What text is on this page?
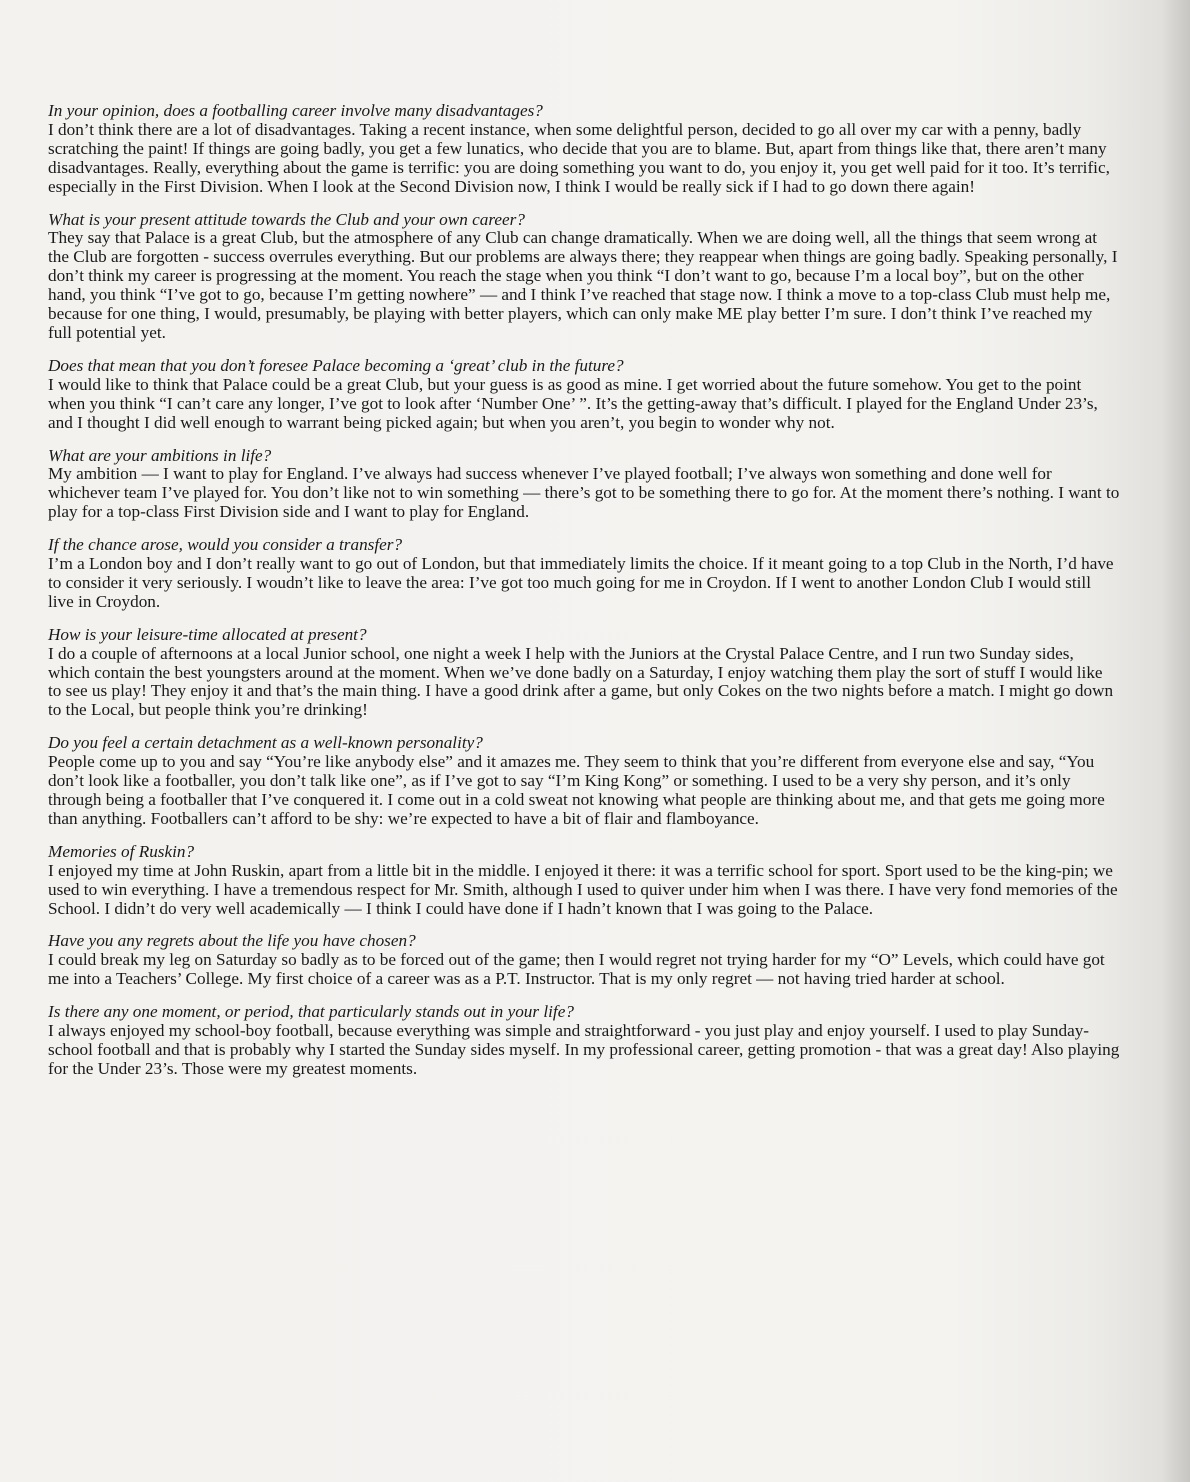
In your opinion, does a footballing career involve many disadvantages?
I don’t think there are a lot of disadvantages. Taking a recent instance, when some delightful person, decided to go all over my car with a penny, badly scratching the paint! If things are going badly, you get a few lunatics, who decide that you are to blame. But, apart from things like that, there aren’t many disadvantages. Really, everything about the game is terrific: you are doing something you want to do, you enjoy it, you get well paid for it too. It’s terrific, especially in the First Division. When I look at the Second Division now, I think I would be really sick if I had to go down there again!
What is your present attitude towards the Club and your own career?
They say that Palace is a great Club, but the atmosphere of any Club can change dramatically. When we are doing well, all the things that seem wrong at the Club are forgotten - success overrules everything. But our problems are always there; they reappear when things are going badly. Speaking personally, I don’t think my career is progressing at the moment. You reach the stage when you think “I don’t want to go, because I’m a local boy”, but on the other hand, you think “I’ve got to go, because I’m getting nowhere” — and I think I’ve reached that stage now. I think a move to a top-class Club must help me, because for one thing, I would, presumably, be playing with better players, which can only make ME play better I’m sure. I don’t think I’ve reached my full potential yet.
Does that mean that you don’t foresee Palace becoming a ‘great’ club in the future?
I would like to think that Palace could be a great Club, but your guess is as good as mine. I get worried about the future somehow. You get to the point when you think “I can’t care any longer, I’ve got to look after ‘Number One’ ”. It’s the getting-away that’s difficult. I played for the England Under 23’s, and I thought I did well enough to warrant being picked again; but when you aren’t, you begin to wonder why not.
What are your ambitions in life?
My ambition — I want to play for England. I’ve always had success whenever I’ve played football; I’ve always won something and done well for whichever team I’ve played for. You don’t like not to win something — there’s got to be something there to go for. At the moment there’s nothing. I want to play for a top-class First Division side and I want to play for England.
If the chance arose, would you consider a transfer?
I’m a London boy and I don’t really want to go out of London, but that immediately limits the choice. If it meant going to a top Club in the North, I’d have to consider it very seriously. I woudn’t like to leave the area: I’ve got too much going for me in Croydon. If I went to another London Club I would still live in Croydon.
How is your leisure-time allocated at present?
I do a couple of afternoons at a local Junior school, one night a week I help with the Juniors at the Crystal Palace Centre, and I run two Sunday sides, which contain the best youngsters around at the moment. When we’ve done badly on a Saturday, I enjoy watching them play the sort of stuff I would like to see us play! They enjoy it and that’s the main thing. I have a good drink after a game, but only Cokes on the two nights before a match. I might go down to the Local, but people think you’re drinking!
Do you feel a certain detachment as a well-known personality?
People come up to you and say “You’re like anybody else” and it amazes me. They seem to think that you’re different from everyone else and say, “You don’t look like a footballer, you don’t talk like one”, as if I’ve got to say “I’m King Kong” or something. I used to be a very shy person, and it’s only through being a footballer that I’ve conquered it. I come out in a cold sweat not knowing what people are thinking about me, and that gets me going more than anything. Footballers can’t afford to be shy: we’re expected to have a bit of flair and flamboyance.
Memories of Ruskin?
I enjoyed my time at John Ruskin, apart from a little bit in the middle. I enjoyed it there: it was a terrific school for sport. Sport used to be the king-pin; we used to win everything. I have a tremendous respect for Mr. Smith, although I used to quiver under him when I was there. I have very fond memories of the School. I didn’t do very well academically — I think I could have done if I hadn’t known that I was going to the Palace.
Have you any regrets about the life you have chosen?
I could break my leg on Saturday so badly as to be forced out of the game; then I would regret not trying harder for my “O” Levels, which could have got me into a Teachers’ College. My first choice of a career was as a P.T. Instructor. That is my only regret — not having tried harder at school.
Is there any one moment, or period, that particularly stands out in your life?
I always enjoyed my school-boy football, because everything was simple and straightforward - you just play and enjoy yourself. I used to play Sunday-school football and that is probably why I started the Sunday sides myself. In my professional career, getting promotion - that was a great day! Also playing for the Under 23’s. Those were my greatest moments.
